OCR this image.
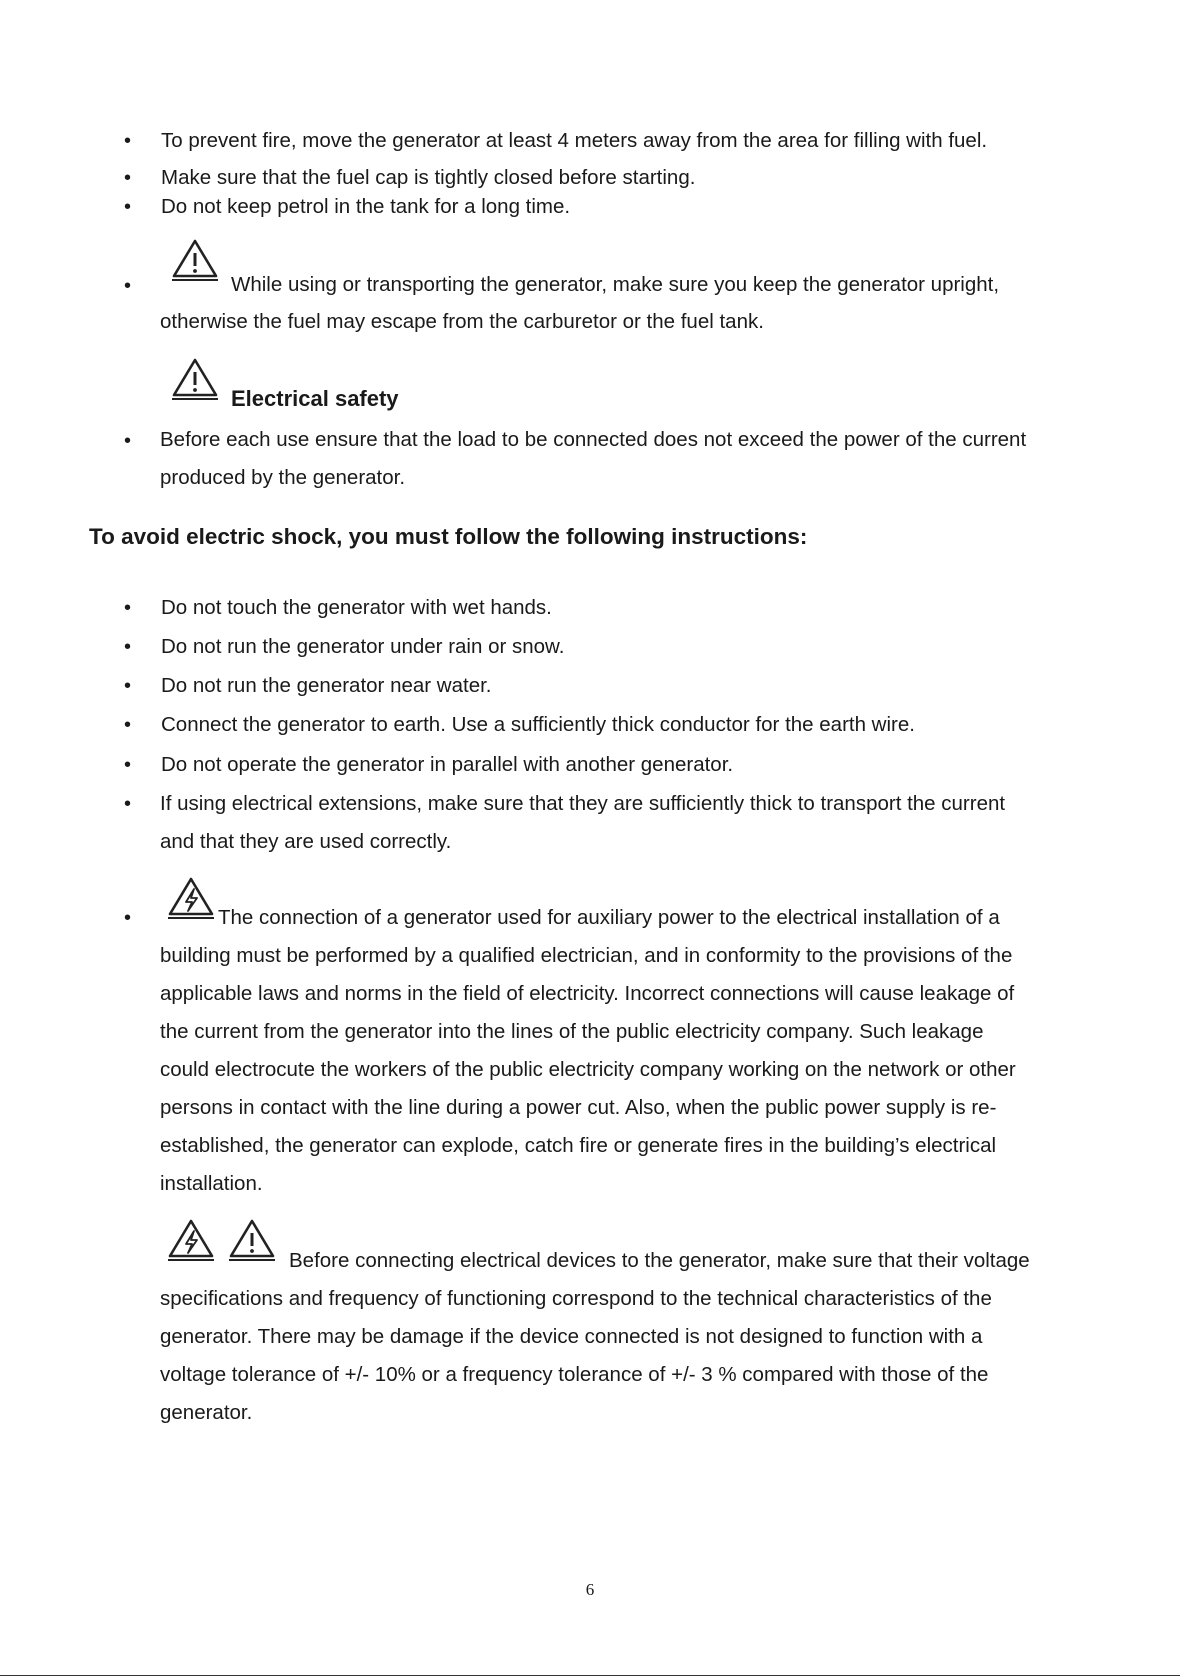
• To prevent fire, move the generator at least 4 meters away from the area for filling with fuel.
• Make sure that the fuel cap is tightly closed before starting.
• Do not keep petrol in the tank for a long time.
•	While using or transporting the generator, make sure you keep the generator upright,
otherwise the fuel may escape from the carburetor or the fuel tank.
Electrical safety
• Before each use ensure that the load to be connected does not exceed the power of the current
produced by the generator.
To avoid electric shock, you must follow the following instructions:
• Do not touch the generator with wet hands.
• Do not run the generator under rain or snow.
• Do not run the generator near water.
• Connect the generator to earth. Use a sufficiently thick conductor for the earth wire.
• Do not operate the generator in parallel with another generator.
• If using electrical extensions, make sure that they are sufficiently thick to transport the current
and that they are used correctly.
•	The connection of a generator used for auxiliary power to the electrical installation of a
building must be performed by a qualified electrician, and in conformity to the provisions of the
applicable laws and norms in the field of electricity. Incorrect connections will cause leakage of
the current from the generator into the lines of the public electricity company. Such leakage
could electrocute the workers of the public electricity company working on the network or other
persons in contact with the line during a power cut. Also, when the public power supply is re-
established, the generator can explode, catch fire or generate fires in the building’s electrical
installation.
Before connecting electrical devices to the generator, make sure that their voltage
specifications and frequency of functioning correspond to the technical characteristics of the
generator. There may be damage if the device connected is not designed to function with a
voltage tolerance of +/- 10% or a frequency tolerance of +/- 3 % compared with those of the
generator.
6
